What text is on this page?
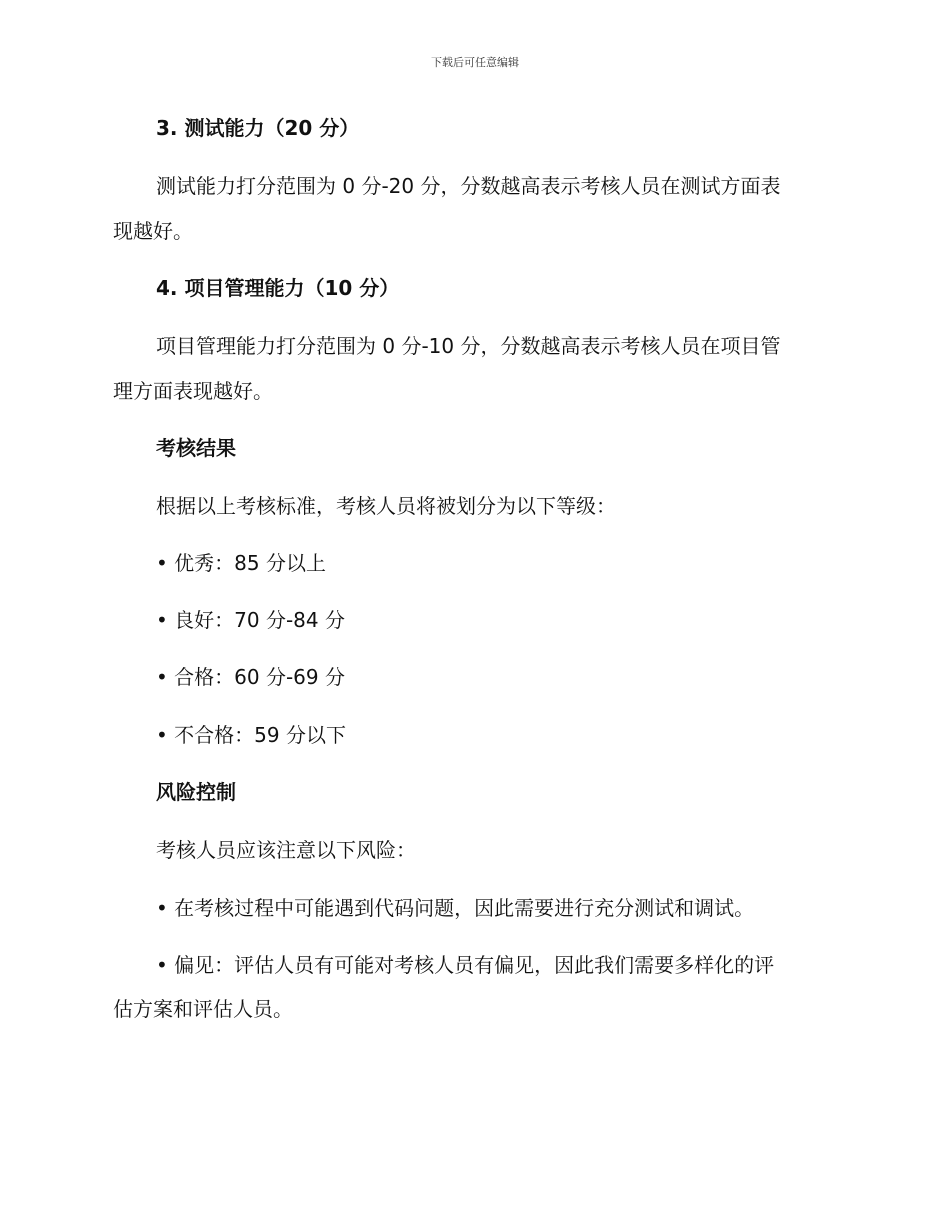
下载后可任意编辑
3. 测试能力（20 分）
测试能力打分范围为 0 分-20 分，分数越高表示考核人员在测试方面表
现越好。
4. 项目管理能力（10 分）
项目管理能力打分范围为 0 分-10 分，分数越高表示考核人员在项目管
理方面表现越好。
考核结果
根据以上考核标准，考核人员将被划分为以下等级：
• 优秀：85 分以上
• 良好：70 分-84 分
• 合格：60 分-69 分
• 不合格：59 分以下
风险控制
考核人员应该注意以下风险：
• 在考核过程中可能遇到代码问题，因此需要进行充分测试和调试。
• 偏见：评估人员有可能对考核人员有偏见，因此我们需要多样化的评
估方案和评估人员。
